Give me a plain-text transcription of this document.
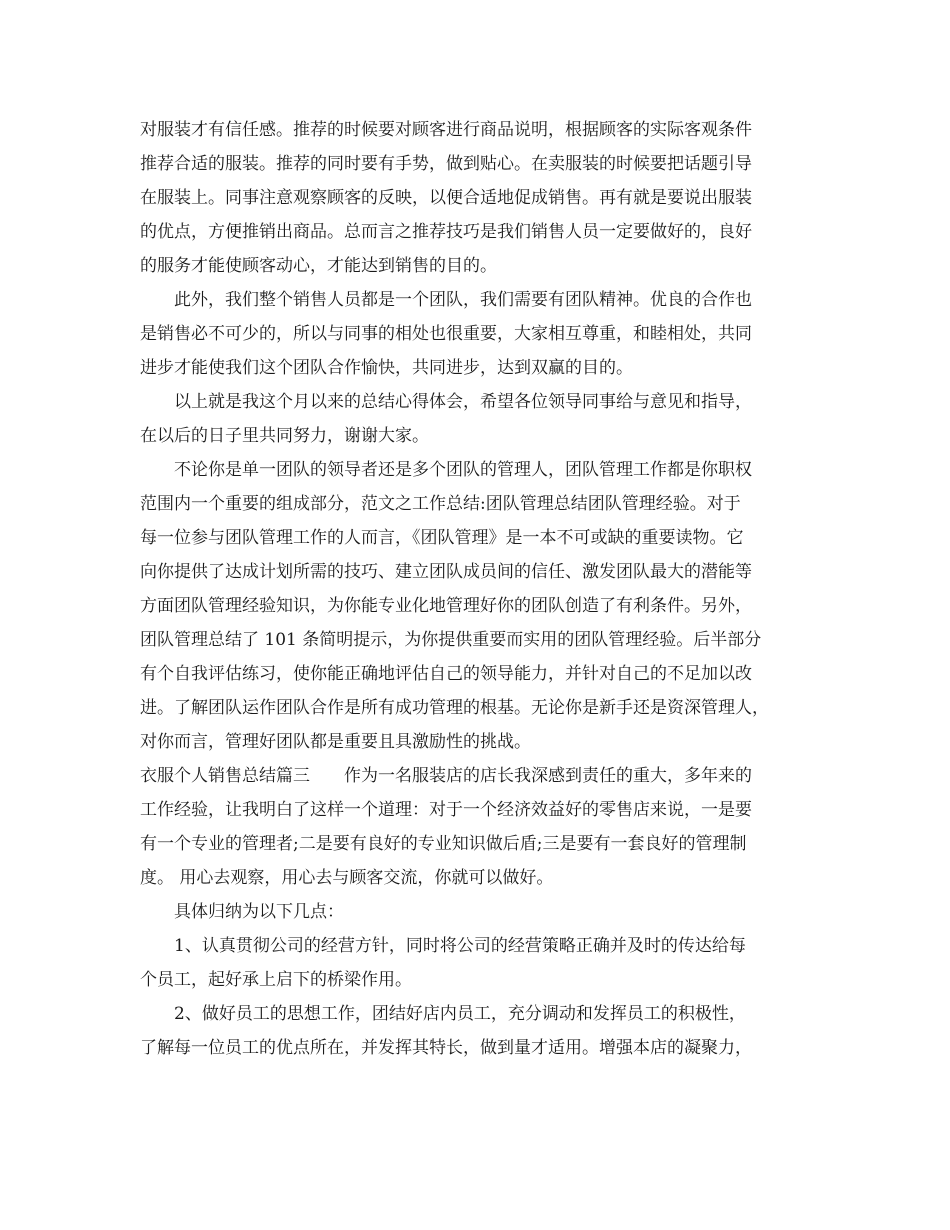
对服装才有信任感。推荐的时候要对顾客进行商品说明，根据顾客的实际客观条件
推荐合适的服装。推荐的同时要有手势，做到贴心。在卖服装的时候要把话题引导
在服装上。同事注意观察顾客的反映，以便合适地促成销售。再有就是要说出服装
的优点，方便推销出商品。总而言之推荐技巧是我们销售人员一定要做好的，良好
的服务才能使顾客动心，才能达到销售的目的。
此外，我们整个销售人员都是一个团队，我们需要有团队精神。优良的合作也
是销售必不可少的，所以与同事的相处也很重要，大家相互尊重，和睦相处，共同
进步才能使我们这个团队合作愉快，共同进步，达到双赢的目的。
以上就是我这个月以来的总结心得体会，希望各位领导同事给与意见和指导，
在以后的日子里共同努力，谢谢大家。
不论你是单一团队的领导者还是多个团队的管理人，团队管理工作都是你职权
范围内一个重要的组成部分，范文之工作总结:团队管理总结团队管理经验。对于
每一位参与团队管理工作的人而言，《团队管理》是一本不可或缺的重要读物。它
向你提供了达成计划所需的技巧、建立团队成员间的信任、激发团队最大的潜能等
方面团队管理经验知识，为你能专业化地管理好你的团队创造了有利条件。另外，
团队管理总结了 101 条简明提示，为你提供重要而实用的团队管理经验。后半部分
有个自我评估练习，使你能正确地评估自己的领导能力，并针对自己的不足加以改
进。了解团队运作团队合作是所有成功管理的根基。无论你是新手还是资深管理人，
对你而言，管理好团队都是重要且具激励性的挑战。
衣服个人销售总结篇三　　作为一名服装店的店长我深感到责任的重大，多年来的
工作经验，让我明白了这样一个道理：对于一个经济效益好的零售店来说，一是要
有一个专业的管理者;二是要有良好的专业知识做后盾;三是要有一套良好的管理制
度。 用心去观察，用心去与顾客交流，你就可以做好。
具体归纳为以下几点：
1、认真贯彻公司的经营方针，同时将公司的经营策略正确并及时的传达给每
个员工，起好承上启下的桥梁作用。
2、做好员工的思想工作，团结好店内员工，充分调动和发挥员工的积极性，
了解每一位员工的优点所在，并发挥其特长，做到量才适用。增强本店的凝聚力，
